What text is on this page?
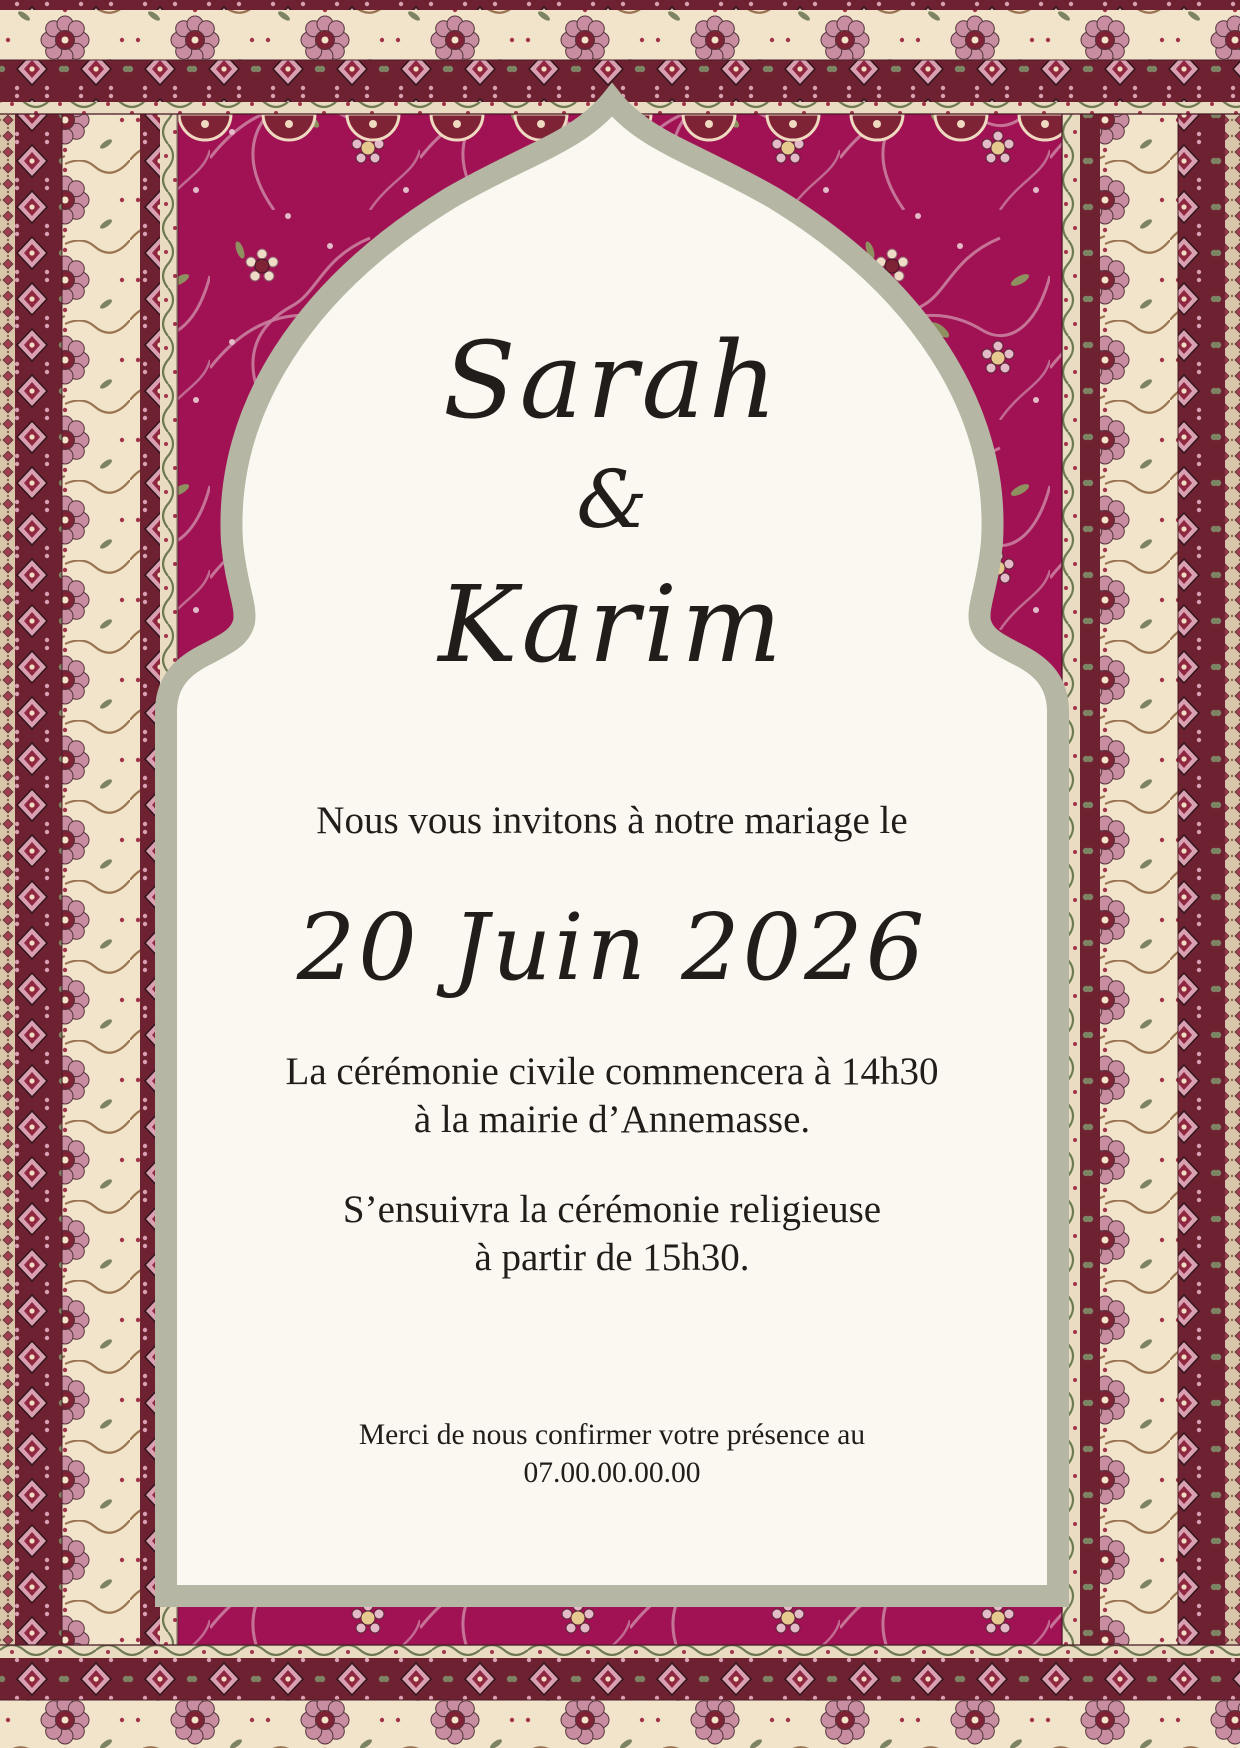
Sarah
&
Karim
Nous vous invitons à notre mariage le
20 Juin 2026
La cérémonie civile commencera à 14h30
à la mairie d’Annemasse.
S’ensuivra la cérémonie religieuse
à partir de 15h30.
Merci de nous confirmer votre présence au
07.00.00.00.00
